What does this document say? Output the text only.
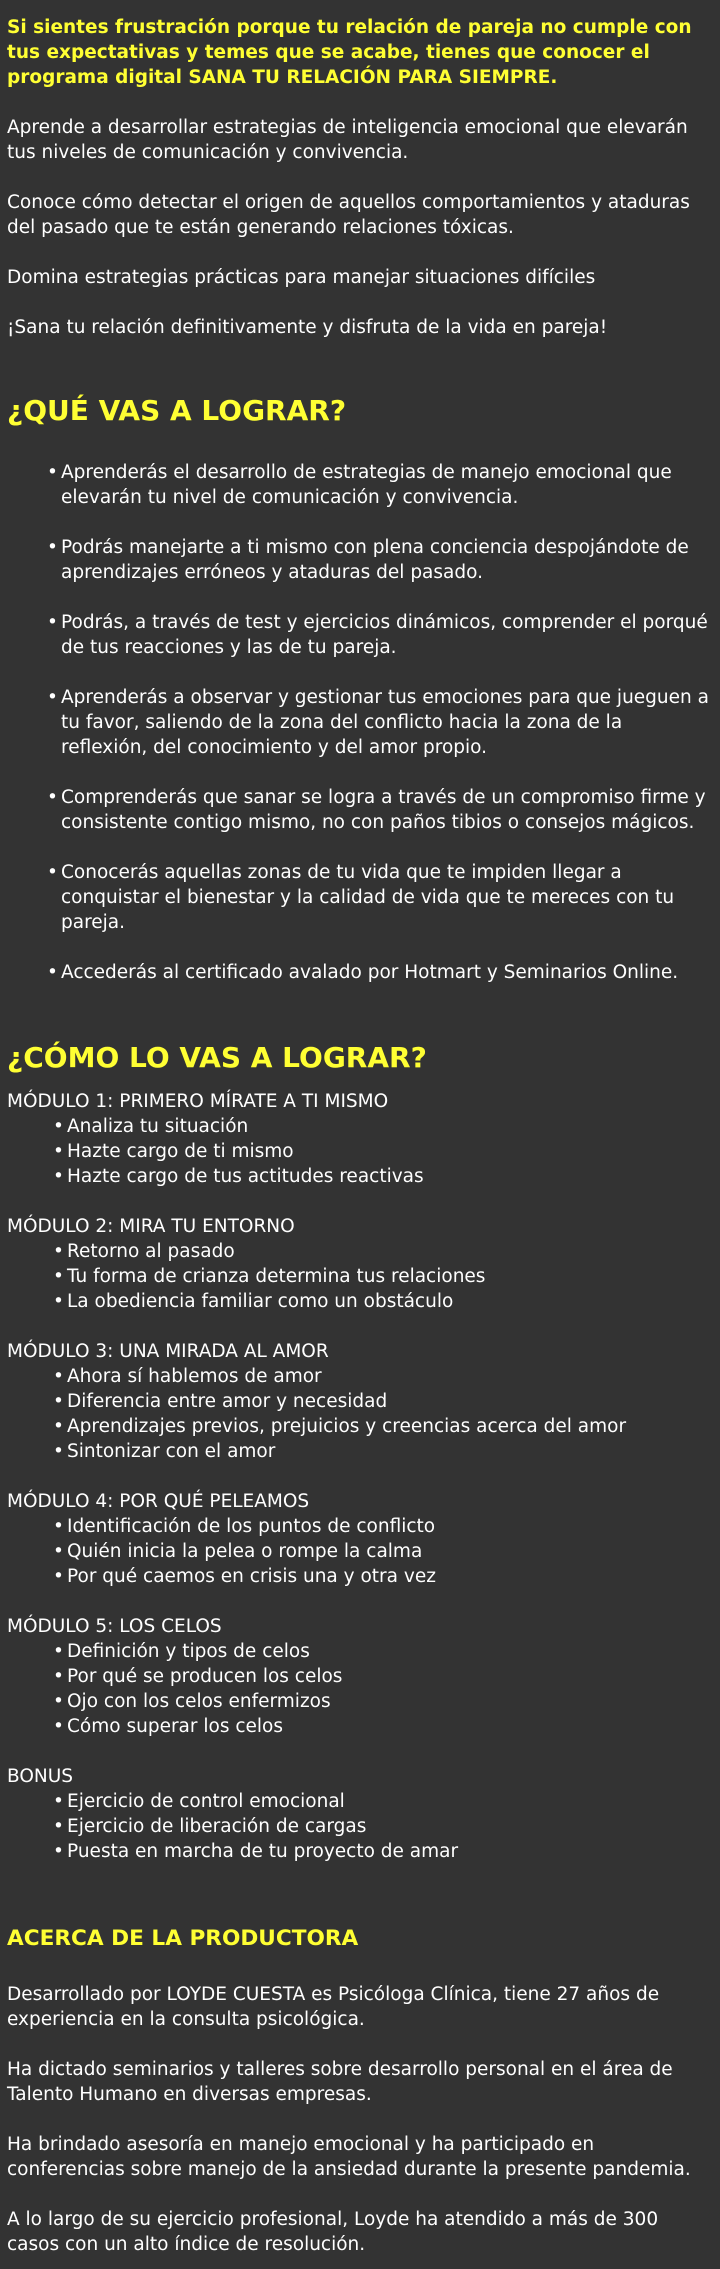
Si sientes frustración porque tu relación de pareja no cumple con tus expectativas y temes que se acabe, tienes que conocer el programa digital SANA TU RELACIÓN PARA SIEMPRE.

Aprende a desarrollar estrategias de inteligencia emocional que elevarán tus niveles de comunicación y convivencia.

Conoce cómo detectar el origen de aquellos comportamientos y ataduras del pasado que te están generando relaciones tóxicas.

Domina estrategias prácticas para manejar situaciones difíciles

¡Sana tu relación definitivamente y disfruta de la vida en pareja!

¿QUÉ VAS A LOGRAR?
• Aprenderás el desarrollo de estrategias de manejo emocional que elevarán tu nivel de comunicación y convivencia.
• Podrás manejarte a ti mismo con plena conciencia despojándote de aprendizajes erróneos y ataduras del pasado.
• Podrás, a través de test y ejercicios dinámicos, comprender el porqué de tus reacciones y las de tu pareja.
• Aprenderás a observar y gestionar tus emociones para que jueguen a tu favor, saliendo de la zona del conflicto hacia la zona de la reflexión, del conocimiento y del amor propio.
• Comprenderás que sanar se logra a través de un compromiso firme y consistente contigo mismo, no con paños tibios o consejos mágicos.
• Conocerás aquellas zonas de tu vida que te impiden llegar a conquistar el bienestar y la calidad de vida que te mereces con tu pareja.
• Accederás al certificado avalado por Hotmart y Seminarios Online.
¿CÓMO LO VAS A LOGRAR?

MÓDULO 1: PRIMERO MÍRATE A TI MISMO

• Analiza tu situación
• Hazte cargo de ti mismo
• Hazte cargo de tus actitudes reactivas

MÓDULO 2: MIRA TU ENTORNO

• Retorno al pasado
• Tu forma de crianza determina tus relaciones
• La obediencia familiar como un obstáculo

MÓDULO 3: UNA MIRADA AL AMOR

• Ahora sí hablemos de amor
• Diferencia entre amor y necesidad
• Aprendizajes previos, prejuicios y creencias acerca del amor
• Sintonizar con el amor

MÓDULO 4: POR QUÉ PELEAMOS

• Identificación de los puntos de conflicto
• Quién inicia la pelea o rompe la calma
• Por qué caemos en crisis una y otra vez

MÓDULO 5: LOS CELOS

• Definición y tipos de celos
• Por qué se producen los celos
• Ojo con los celos enfermizos
• Cómo superar los celos

BONUS

• Ejercicio de control emocional
• Ejercicio de liberación de cargas
• Puesta en marcha de tu proyecto de amar
ACERCA DE LA PRODUCTORA

Desarrollado por LOYDE CUESTA es Psicóloga Clínica, tiene 27 años de experiencia en la consulta psicológica.

Ha dictado seminarios y talleres sobre desarrollo personal en el área de Talento Humano en diversas empresas.

Ha brindado asesoría en manejo emocional y ha participado en conferencias sobre manejo de la ansiedad durante la presente pandemia.

A lo largo de su ejercicio profesional, Loyde ha atendido a más de 300 casos con un alto índice de resolución.
